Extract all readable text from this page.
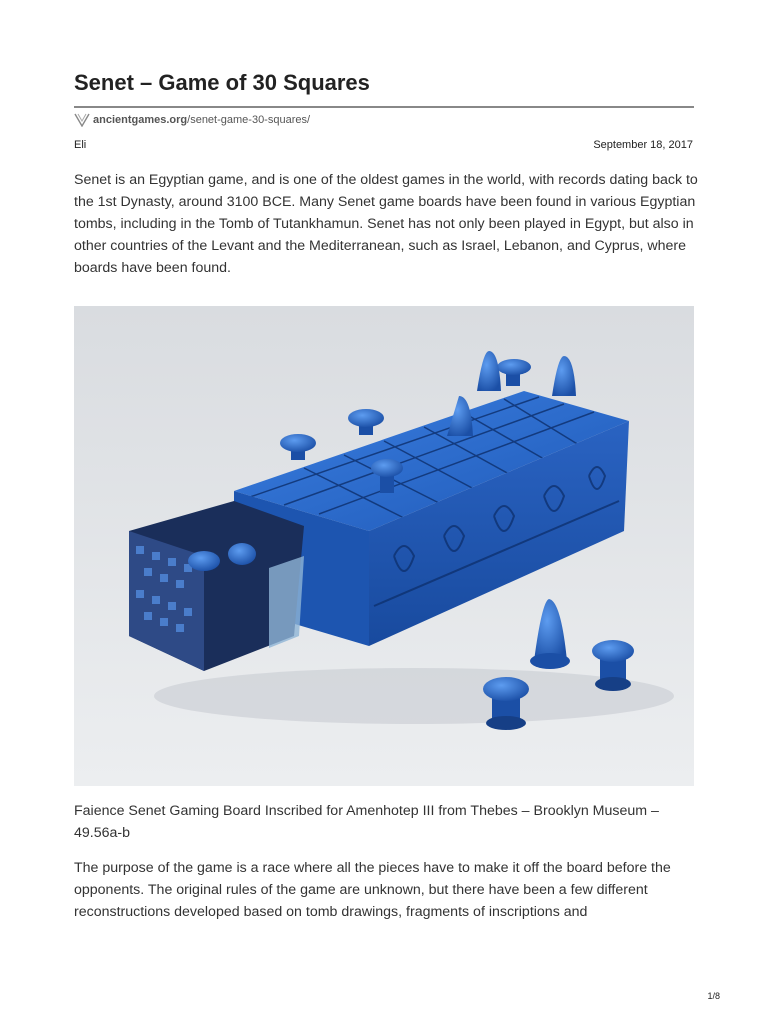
Senet – Game of 30 Squares
ancientgames.org /senet-game-30-squares/
Eli	September 18, 2017

Senet is an Egyptian game, and is one of the oldest games in the world, with records dating back to the 1st Dynasty, around 3100 BCE. Many Senet game boards have been found in various Egyptian tombs, including in the Tomb of Tutankhamun. Senet has not only been played in Egypt, but also in other countries of the Levant and the Mediterranean, such as Israel, Lebanon, and Cyprus, where boards have been found.

Faience Senet Gaming Board Inscribed for Amenhotep III from Thebes – Brooklyn Museum – 49.56a-b

The purpose of the game is a race where all the pieces have to make it off the board before the opponents. The original rules of the game are unknown, but there have been a few different reconstructions developed based on tomb drawings, fragments of inscriptions and

1/8
